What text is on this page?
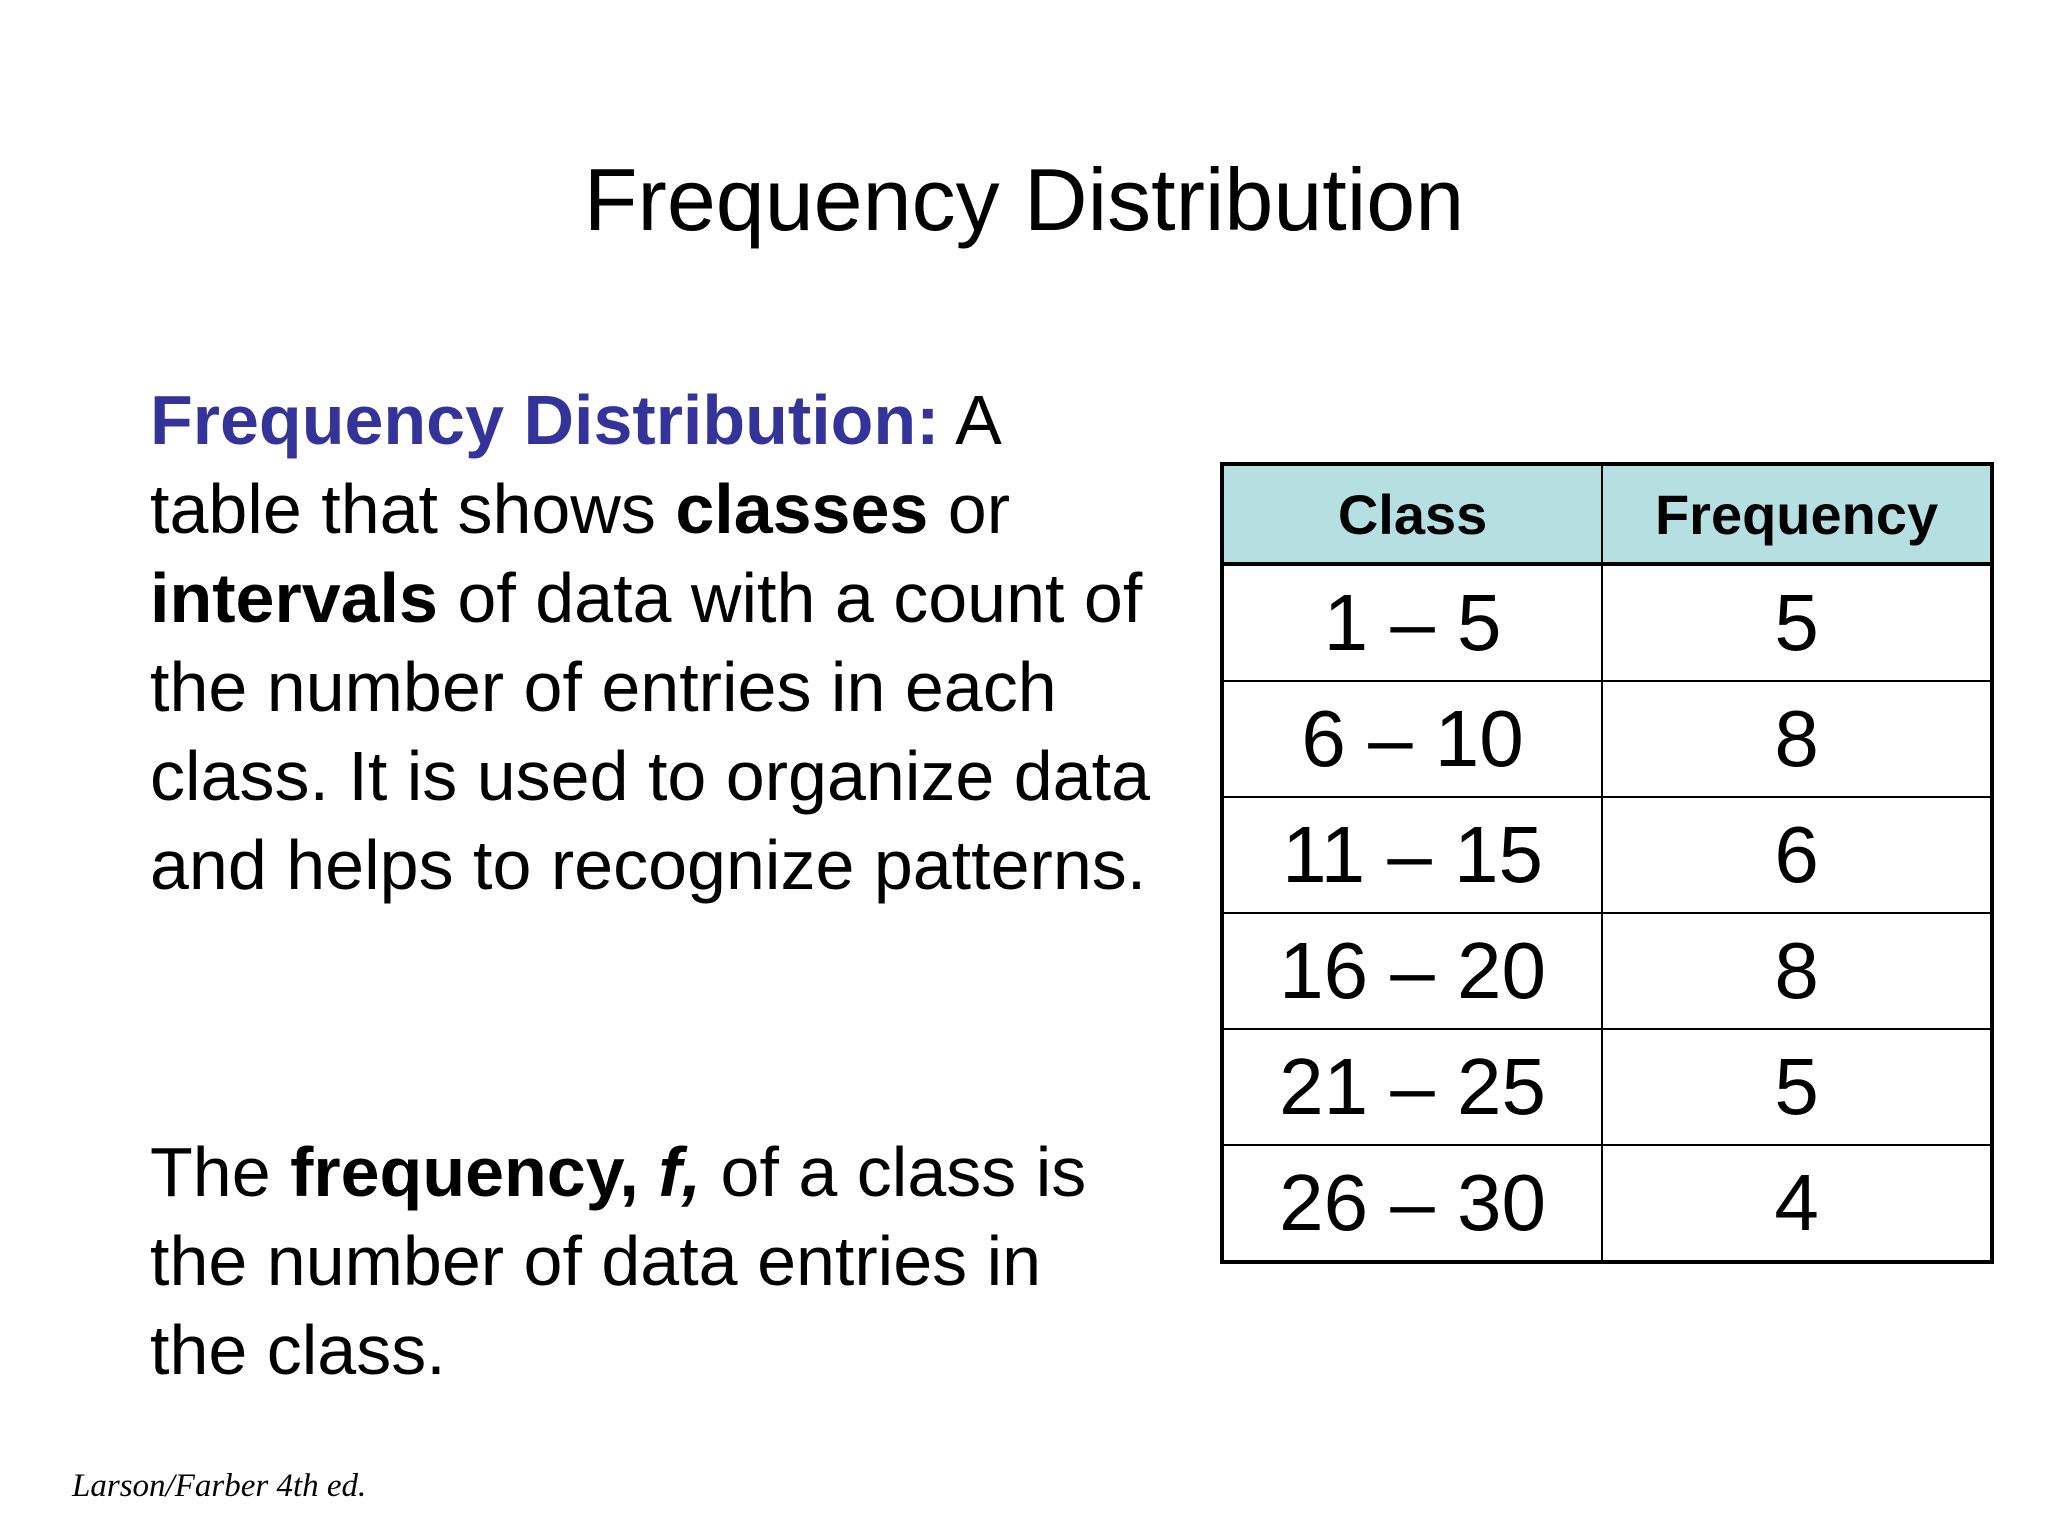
Frequency Distribution

Frequency Distribution: A table that shows classes or intervals of data with a count of the number of entries in each class. It is used to organize data and helps to recognize patterns.

The frequency, f, of a class is the number of data entries in the class.

Class	Frequency
1 – 5	5
6 – 10	8
11 – 15	6
16 – 20	8
21 – 25	5
26 – 30	4

Larson/Farber 4th ed.
